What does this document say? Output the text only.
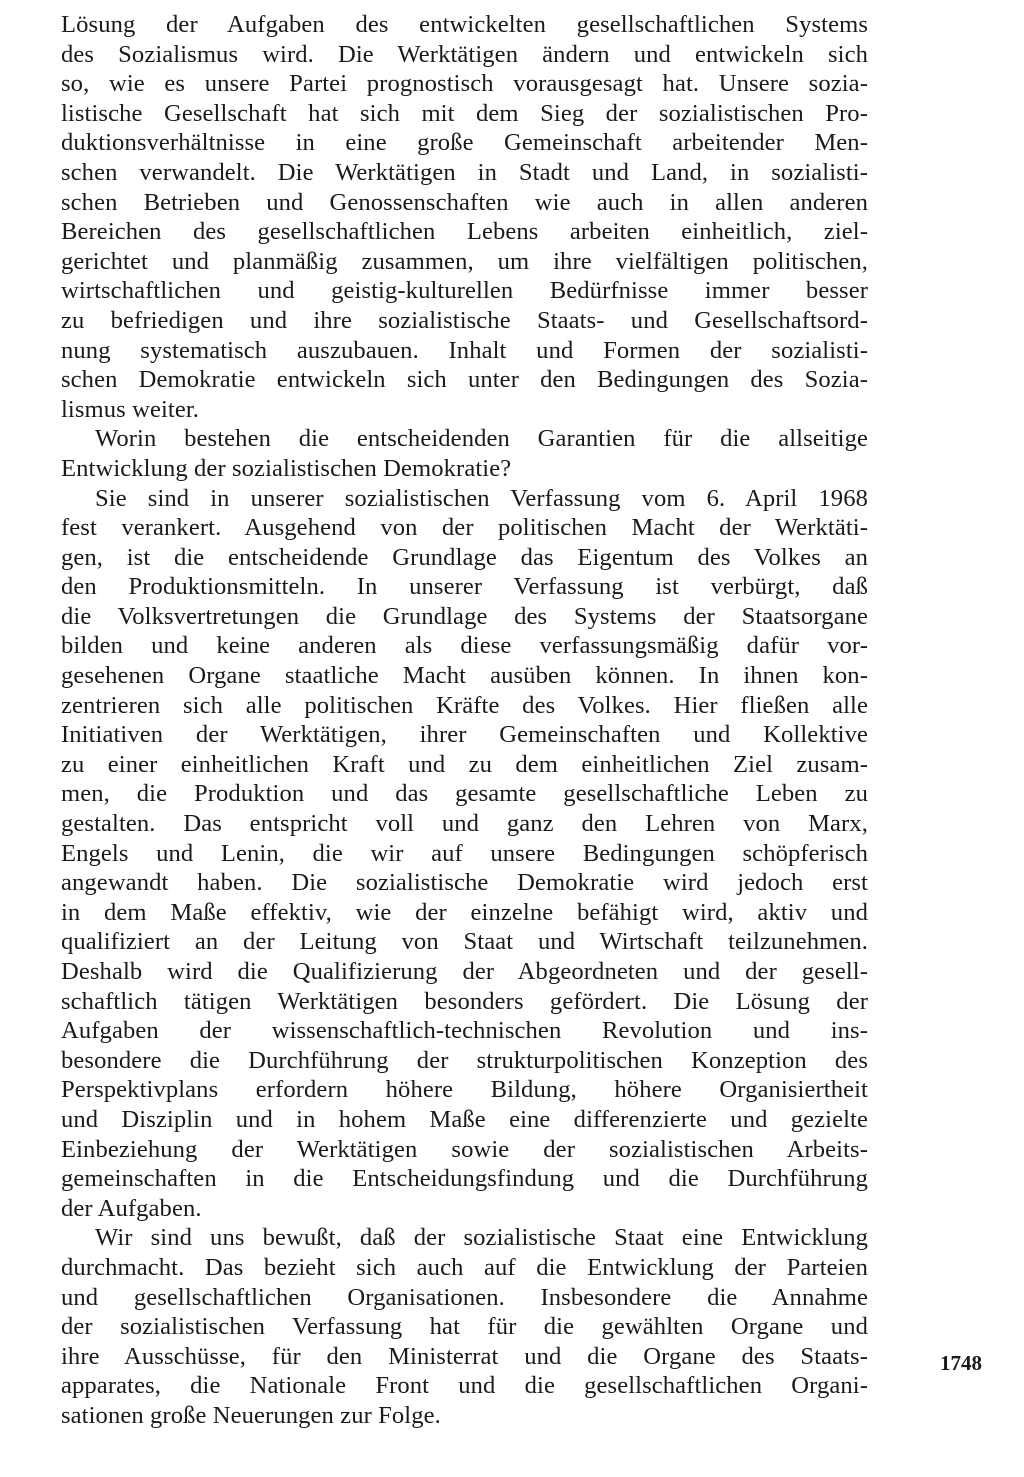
Lösung der Aufgaben des entwickelten gesellschaftlichen Systems
des Sozialismus wird. Die Werktätigen ändern und entwickeln sich
so, wie es unsere Partei prognostisch vorausgesagt hat. Unsere sozia-
listische Gesellschaft hat sich mit dem Sieg der sozialistischen Pro-
duktionsverhältnisse in eine große Gemeinschaft arbeitender Men-
schen verwandelt. Die Werktätigen in Stadt und Land, in sozialisti-
schen Betrieben und Genossenschaften wie auch in allen anderen
Bereichen des gesellschaftlichen Lebens arbeiten einheitlich, ziel-
gerichtet und planmäßig zusammen, um ihre vielfältigen politischen,
wirtschaftlichen und geistig-kulturellen Bedürfnisse immer besser
zu befriedigen und ihre sozialistische Staats- und Gesellschaftsord-
nung systematisch auszubauen. Inhalt und Formen der sozialisti-
schen Demokratie entwickeln sich unter den Bedingungen des Sozia-
lismus weiter.
Worin bestehen die entscheidenden Garantien für die allseitige
Entwicklung der sozialistischen Demokratie?
Sie sind in unserer sozialistischen Verfassung vom 6. April 1968
fest verankert. Ausgehend von der politischen Macht der Werktäti-
gen, ist die entscheidende Grundlage das Eigentum des Volkes an
den Produktionsmitteln. In unserer Verfassung ist verbürgt, daß
die Volksvertretungen die Grundlage des Systems der Staatsorgane
bilden und keine anderen als diese verfassungsmäßig dafür vor-
gesehenen Organe staatliche Macht ausüben können. In ihnen kon-
zentrieren sich alle politischen Kräfte des Volkes. Hier fließen alle
Initiativen der Werktätigen, ihrer Gemeinschaften und Kollektive
zu einer einheitlichen Kraft und zu dem einheitlichen Ziel zusam-
men, die Produktion und das gesamte gesellschaftliche Leben zu
gestalten. Das entspricht voll und ganz den Lehren von Marx,
Engels und Lenin, die wir auf unsere Bedingungen schöpferisch
angewandt haben. Die sozialistische Demokratie wird jedoch erst
in dem Maße effektiv, wie der einzelne befähigt wird, aktiv und
qualifiziert an der Leitung von Staat und Wirtschaft teilzunehmen.
Deshalb wird die Qualifizierung der Abgeordneten und der gesell-
schaftlich tätigen Werktätigen besonders gefördert. Die Lösung der
Aufgaben der wissenschaftlich-technischen Revolution und ins-
besondere die Durchführung der strukturpolitischen Konzeption des
Perspektivplans erfordern höhere Bildung, höhere Organisiertheit
und Disziplin und in hohem Maße eine differenzierte und gezielte
Einbeziehung der Werktätigen sowie der sozialistischen Arbeits-
gemeinschaften in die Entscheidungsfindung und die Durchführung
der Aufgaben.
Wir sind uns bewußt, daß der sozialistische Staat eine Entwicklung
durchmacht. Das bezieht sich auch auf die Entwicklung der Parteien
und gesellschaftlichen Organisationen. Insbesondere die Annahme
der sozialistischen Verfassung hat für die gewählten Organe und
ihre Ausschüsse, für den Ministerrat und die Organe des Staats-
apparates, die Nationale Front und die gesellschaftlichen Organi-
sationen große Neuerungen zur Folge.
1748
